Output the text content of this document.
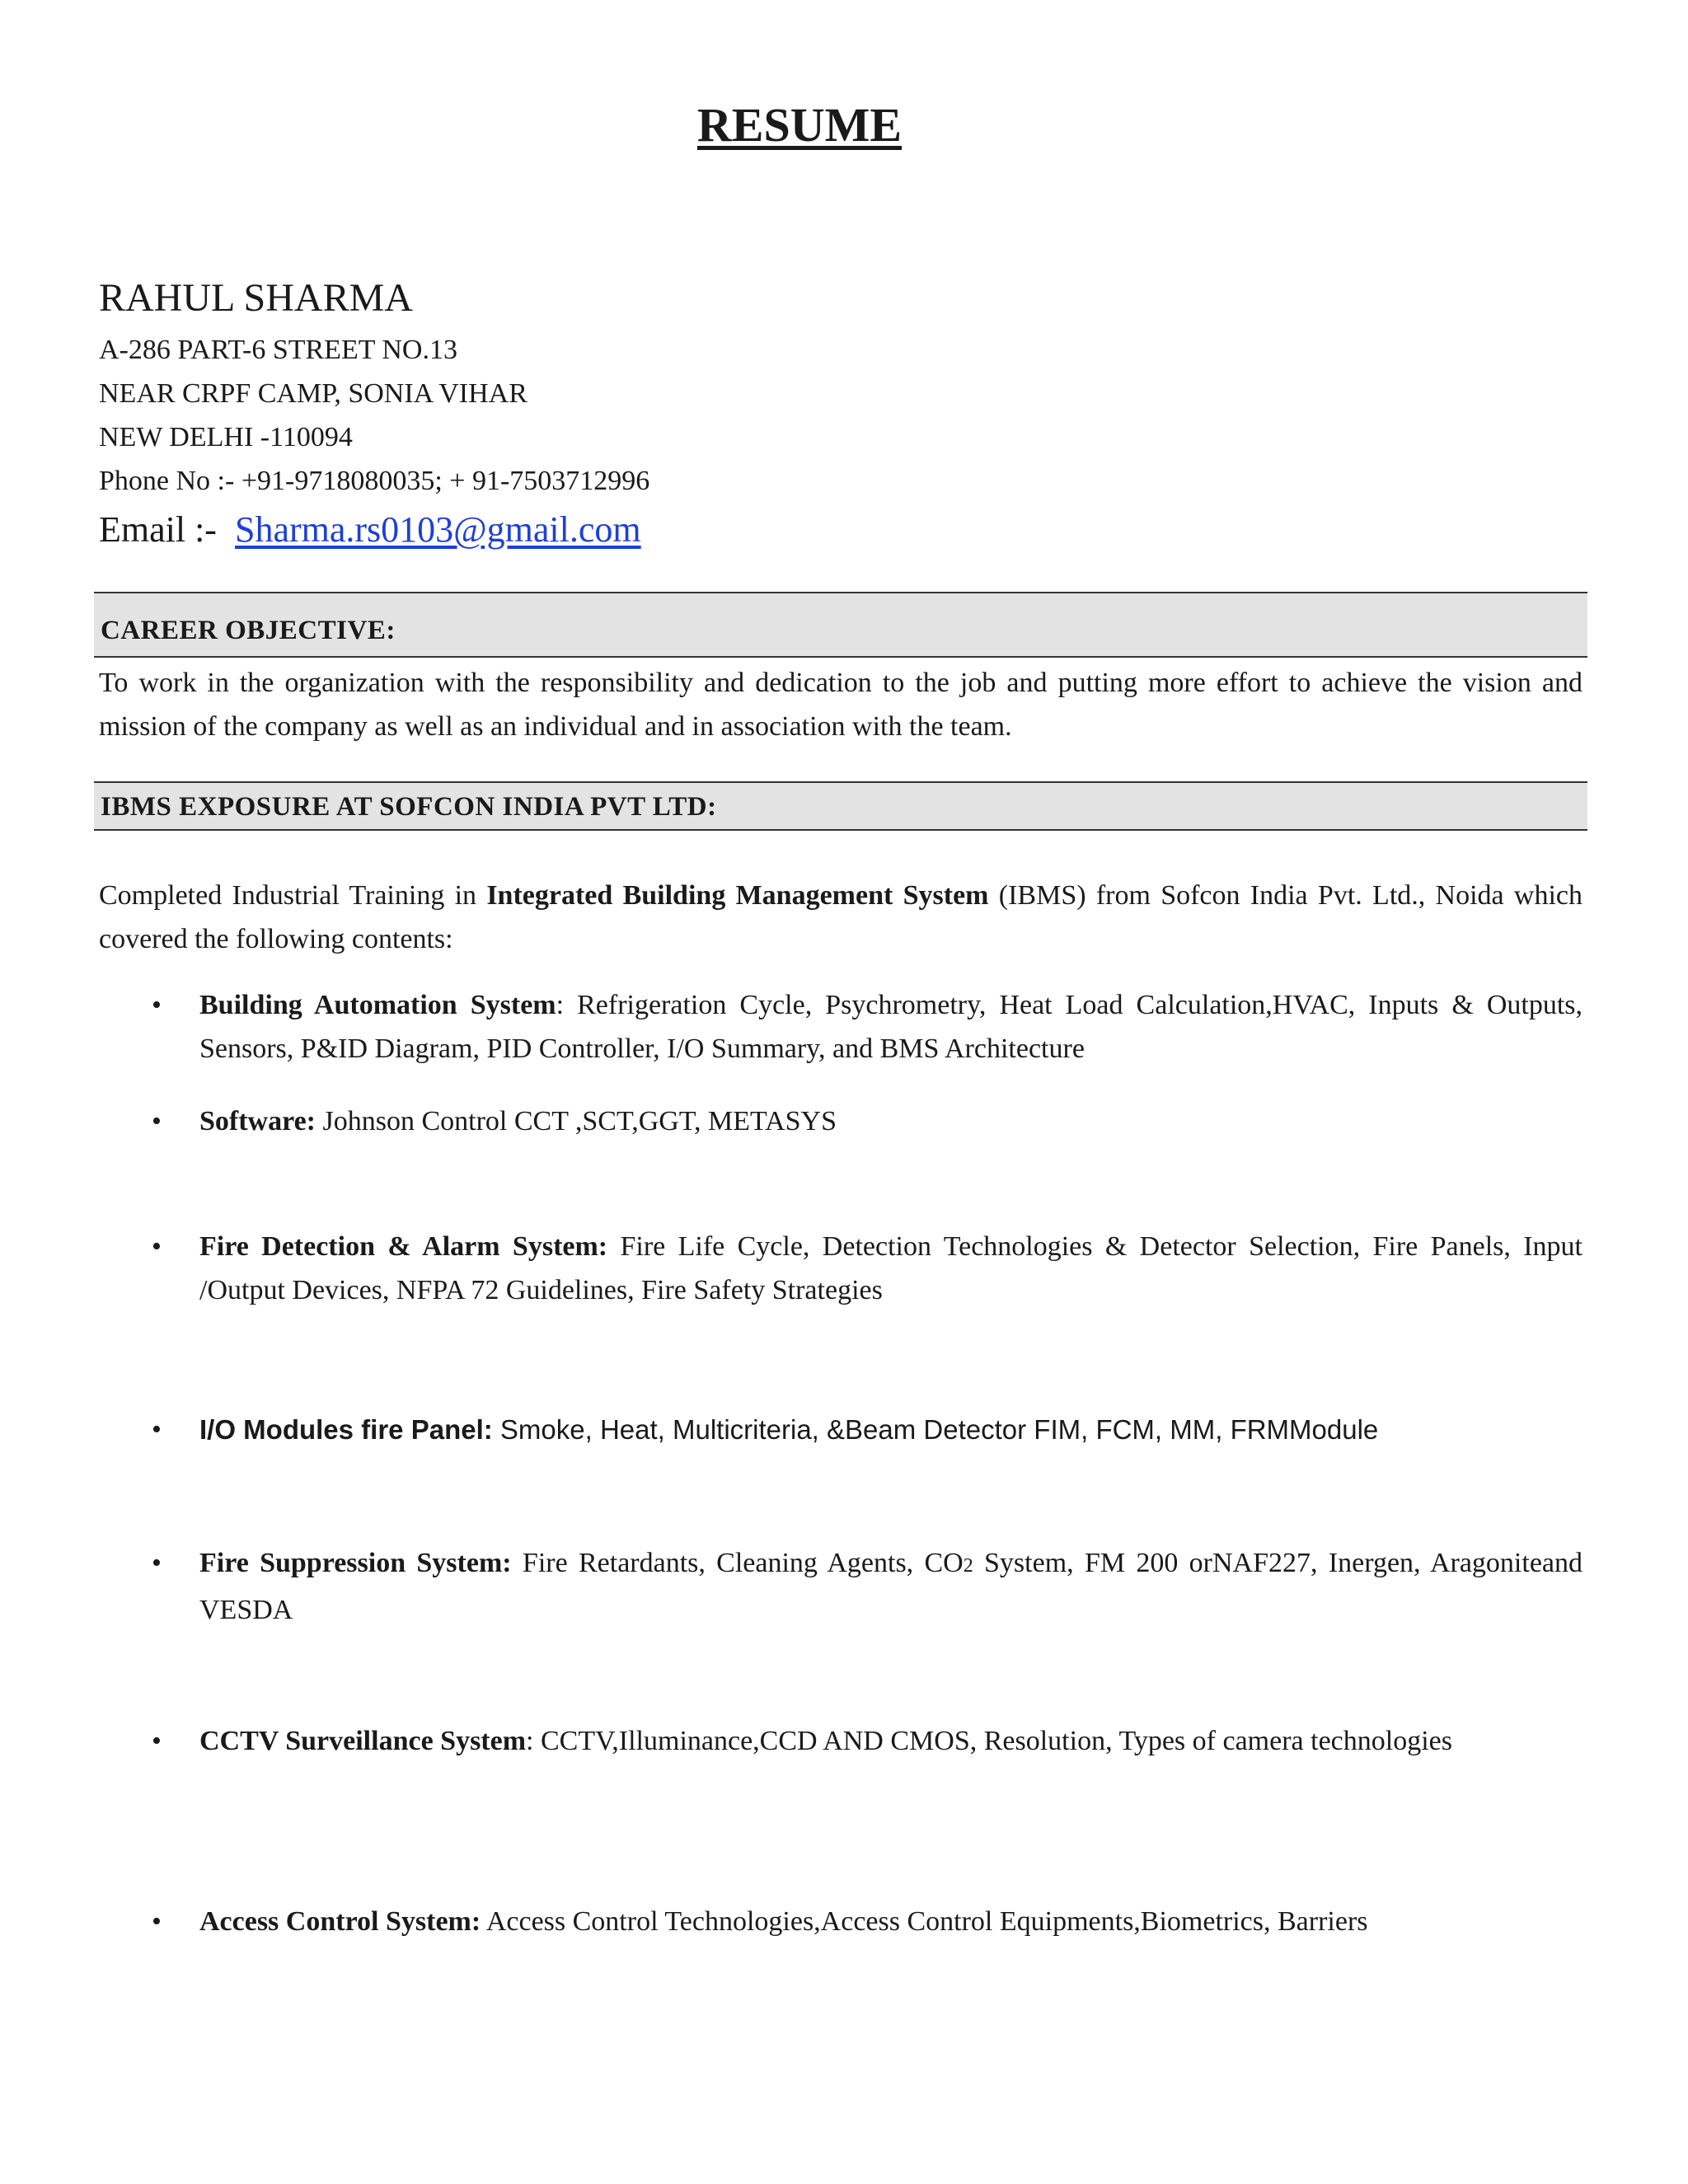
RESUME

RAHUL SHARMA

A-286 PART-6 STREET NO.13

NEAR CRPF CAMP, SONIA VIHAR

NEW DELHI -110094

Phone No :- +91-9718080035; + 91-7503712996

Email :- Sharma.rs0103@gmail.com
CAREER OBJECTIVE:

To work in the organization with the responsibility and dedication to the job and putting more effort to achieve the vision and mission of the company as well as an individual and in association with the team.

IBMS EXPOSURE AT SOFCON INDIA PVT LTD:

Completed Industrial Training in Integrated Building Management System (IBMS) from Sofcon India Pvt. Ltd., Noida which covered the following contents:

• Building Automation System: Refrigeration Cycle, Psychrometry, Heat Load Calculation,HVAC, Inputs & Outputs, Sensors, P&ID Diagram, PID Controller, I/O Summary, and BMS Architecture
• Software: Johnson Control CCT ,SCT,GGT, METASYS
• Fire Detection & Alarm System: Fire Life Cycle, Detection Technologies & Detector Selection, Fire Panels, Input /Output Devices, NFPA 72 Guidelines, Fire Safety Strategies
• I/O Modules fire Panel: Smoke, Heat, Multicriteria, &Beam Detector FIM, FCM, MM, FRMModule
• Fire Suppression System: Fire Retardants, Cleaning Agents, CO2 System, FM 200 orNAF227, Inergen, Aragoniteand VESDA
• CCTV Surveillance System: CCTV,Illuminance,CCD AND CMOS, Resolution, Types of camera technologies
• Access Control System: Access Control Technologies,Access Control Equipments,Biometrics, Barriers
